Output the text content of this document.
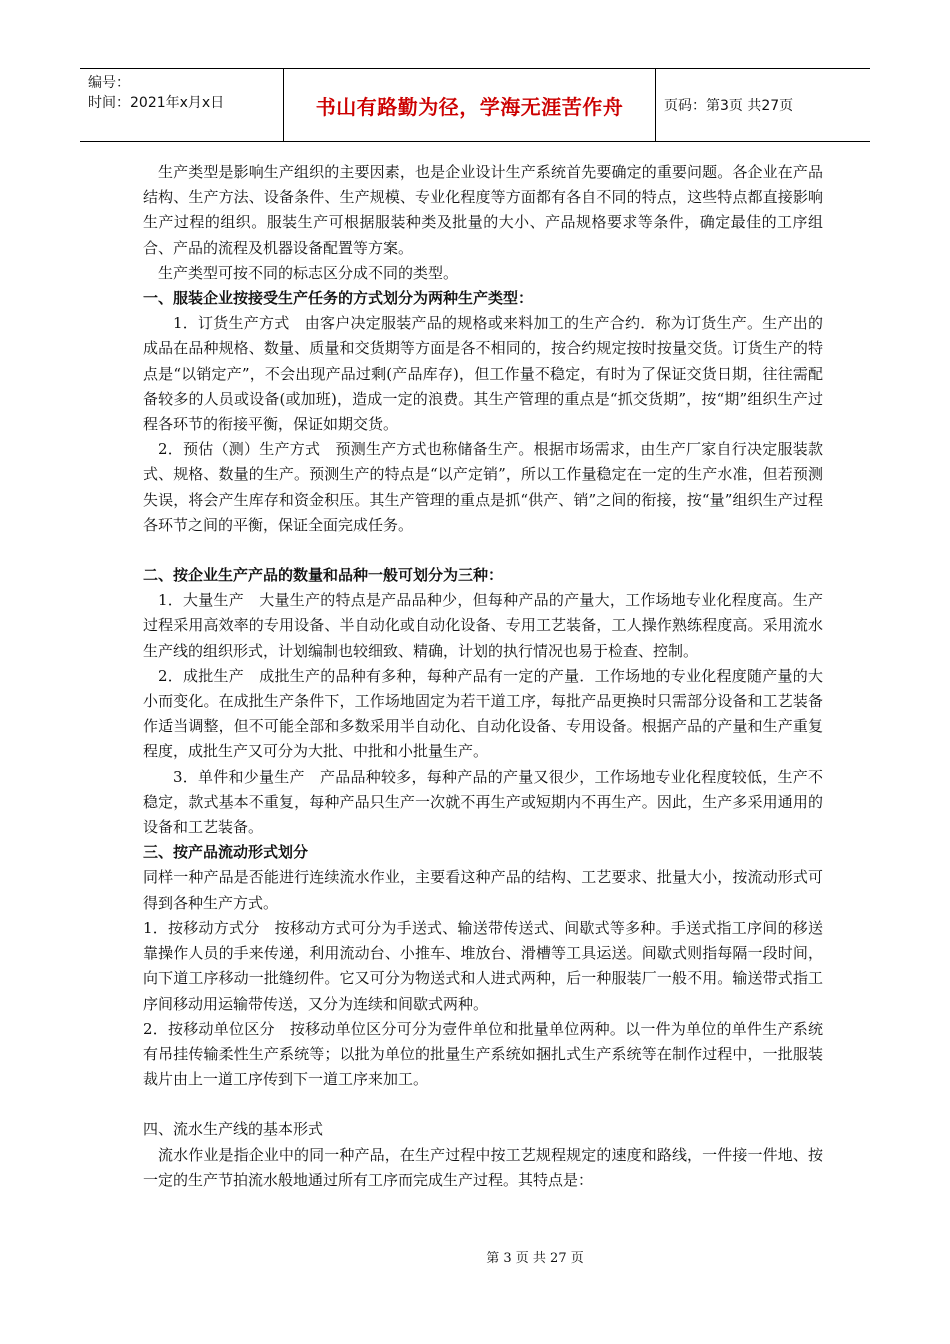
编号：
时间：2021年x月x日	书山有路勤为径，学海无涯苦作舟	页码：第3页 共27页

生产类型是影响生产组织的主要因素，也是企业设计生产系统首先要确定的重要问题。各企业在产品结构、生产方法、设备条件、生产规模、专业化程度等方面都有各自不同的特点，这些特点都直接影响生产过程的组织。服装生产可根据服装种类及批量的大小、产品规格要求等条件，确定最佳的工序组合、产品的流程及机器设备配置等方案。

生产类型可按不同的标志区分成不同的类型。

一、服装企业按接受生产任务的方式划分为两种生产类型：

1．订货生产方式　由客户决定服装产品的规格或来料加工的生产合约．称为订货生产。生产出的成品在品种规格、数量、质量和交货期等方面是各不相同的，按合约规定按时按量交货。订货生产的特点是“以销定产”，不会出现产品过剩(产品库存)，但工作量不稳定，有时为了保证交货日期，往往需配备较多的人员或设备(或加班)，造成一定的浪费。其生产管理的重点是“抓交货期”，按“期”组织生产过程各环节的衔接平衡，保证如期交货。

2．预估（测）生产方式　预测生产方式也称储备生产。根据市场需求，由生产厂家自行决定服装款式、规格、数量的生产。预测生产的特点是“以产定销”，所以工作量稳定在一定的生产水准，但若预测失误，将会产生库存和资金积压。其生产管理的重点是抓“供产、销”之间的衔接，按“量”组织生产过程各环节之间的平衡，保证全面完成任务。

二、按企业生产产品的数量和品种一般可划分为三种：

1．大量生产　大量生产的特点是产品品种少，但每种产品的产量大，工作场地专业化程度高。生产过程采用高效率的专用设备、半自动化或自动化设备、专用工艺装备，工人操作熟练程度高。采用流水生产线的组织形式，计划编制也较细致、精确，计划的执行情况也易于检查、控制。

2．成批生产　成批生产的品种有多种，每种产品有一定的产量．工作场地的专业化程度随产量的大小而变化。在成批生产条件下，工作场地固定为若干道工序，每批产品更换时只需部分设备和工艺装备作适当调整，但不可能全部和多数采用半自动化、自动化设备、专用设备。根据产品的产量和生产重复程度，成批生产又可分为大批、中批和小批量生产。

3．单件和少量生产　产品品种较多，每种产品的产量又很少，工作场地专业化程度较低，生产不稳定，款式基本不重复，每种产品只生产一次就不再生产或短期内不再生产。因此，生产多采用通用的设备和工艺装备。

三、按产品流动形式划分

同样一种产品是否能进行连续流水作业，主要看这种产品的结构、工艺要求、批量大小，按流动形式可得到各种生产方式。

1．按移动方式分　按移动方式可分为手送式、输送带传送式、间歇式等多种。手送式指工序间的移送靠操作人员的手来传递，利用流动台、小推车、堆放台、滑槽等工具运送。间歇式则指每隔一段时间，向下道工序移动一批缝纫件。它又可分为物送式和人进式两种，后一种服装厂一般不用。输送带式指工序间移动用运输带传送，又分为连续和间歇式两种。

2．按移动单位区分　按移动单位区分可分为壹件单位和批量单位两种。以一件为单位的单件生产系统有吊挂传输柔性生产系统等；以批为单位的批量生产系统如捆扎式生产系统等在制作过程中，一批服装裁片由上一道工序传到下一道工序来加工。

四、流水生产线的基本形式

流水作业是指企业中的同一种产品，在生产过程中按工艺规程规定的速度和路线，一件接一件地、按一定的生产节拍流水般地通过所有工序而完成生产过程。其特点是：

第 3 页 共 27 页
